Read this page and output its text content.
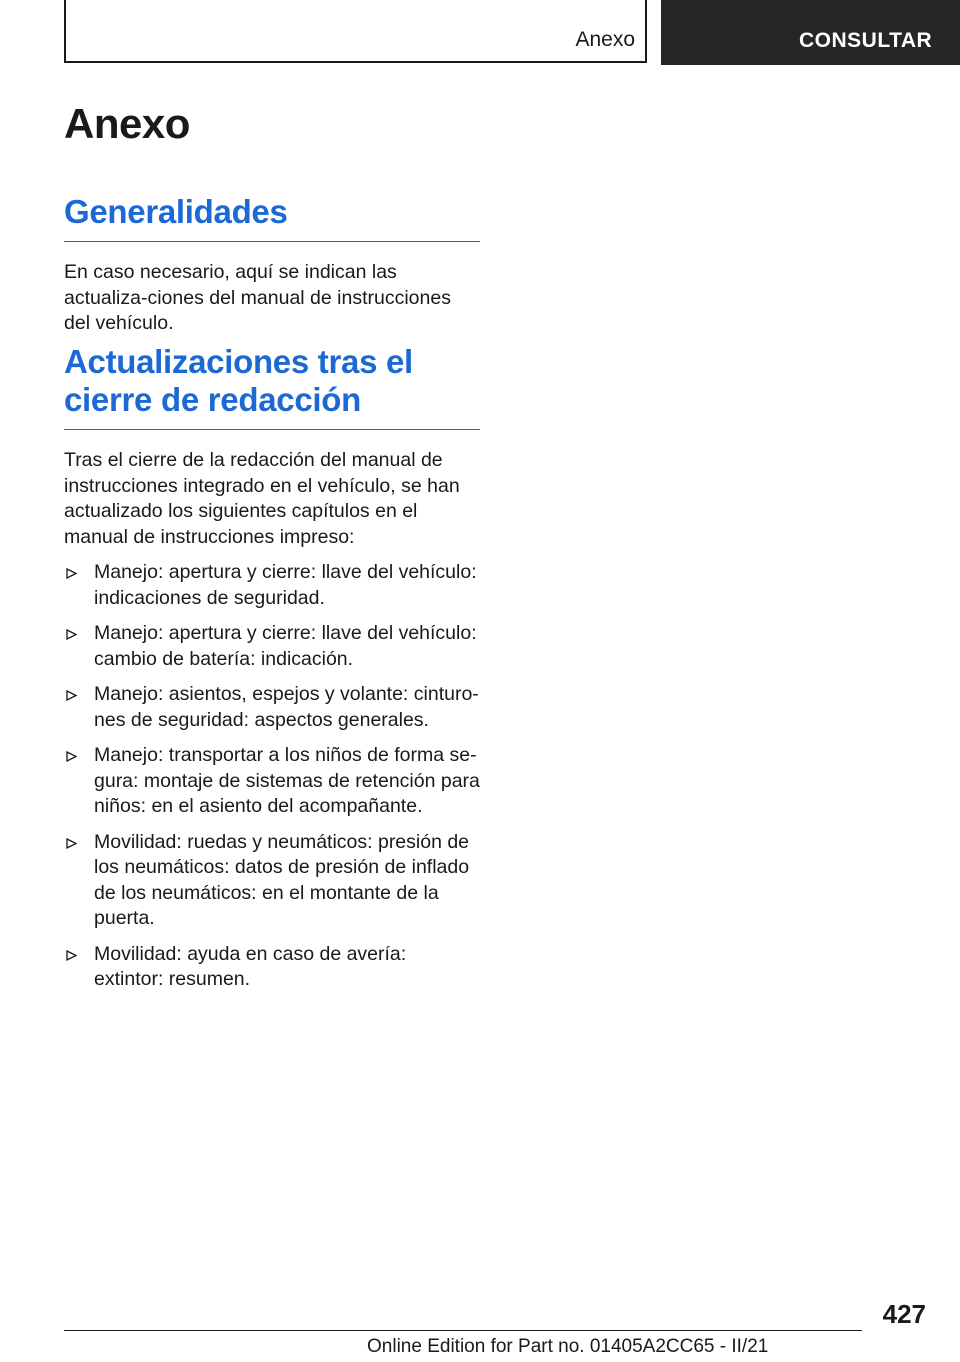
Anexo	CONSULTAR
Anexo
Generalidades

En caso necesario, aquí se indican las actualiza-ciones del manual de instrucciones del vehículo.

Actualizaciones tras el cierre de redacción

Tras el cierre de la redacción del manual de instrucciones integrado en el vehículo, se han actualizado los siguientes capítulos en el manual de instrucciones impreso:

Manejo: apertura y cierre: llave del vehículo: indicaciones de seguridad.
Manejo: apertura y cierre: llave del vehículo: cambio de batería: indicación.
Manejo: asientos, espejos y volante: cinturo-nes de seguridad: aspectos generales.
Manejo: transportar a los niños de forma se-gura: montaje de sistemas de retención para niños: en el asiento del acompañante.
Movilidad: ruedas y neumáticos: presión de los neumáticos: datos de presión de inflado de los neumáticos: en el montante de la puerta.
Movilidad: ayuda en caso de avería: extintor: resumen.
427
Online Edition for Part no. 01405A2CC65 - II/21
